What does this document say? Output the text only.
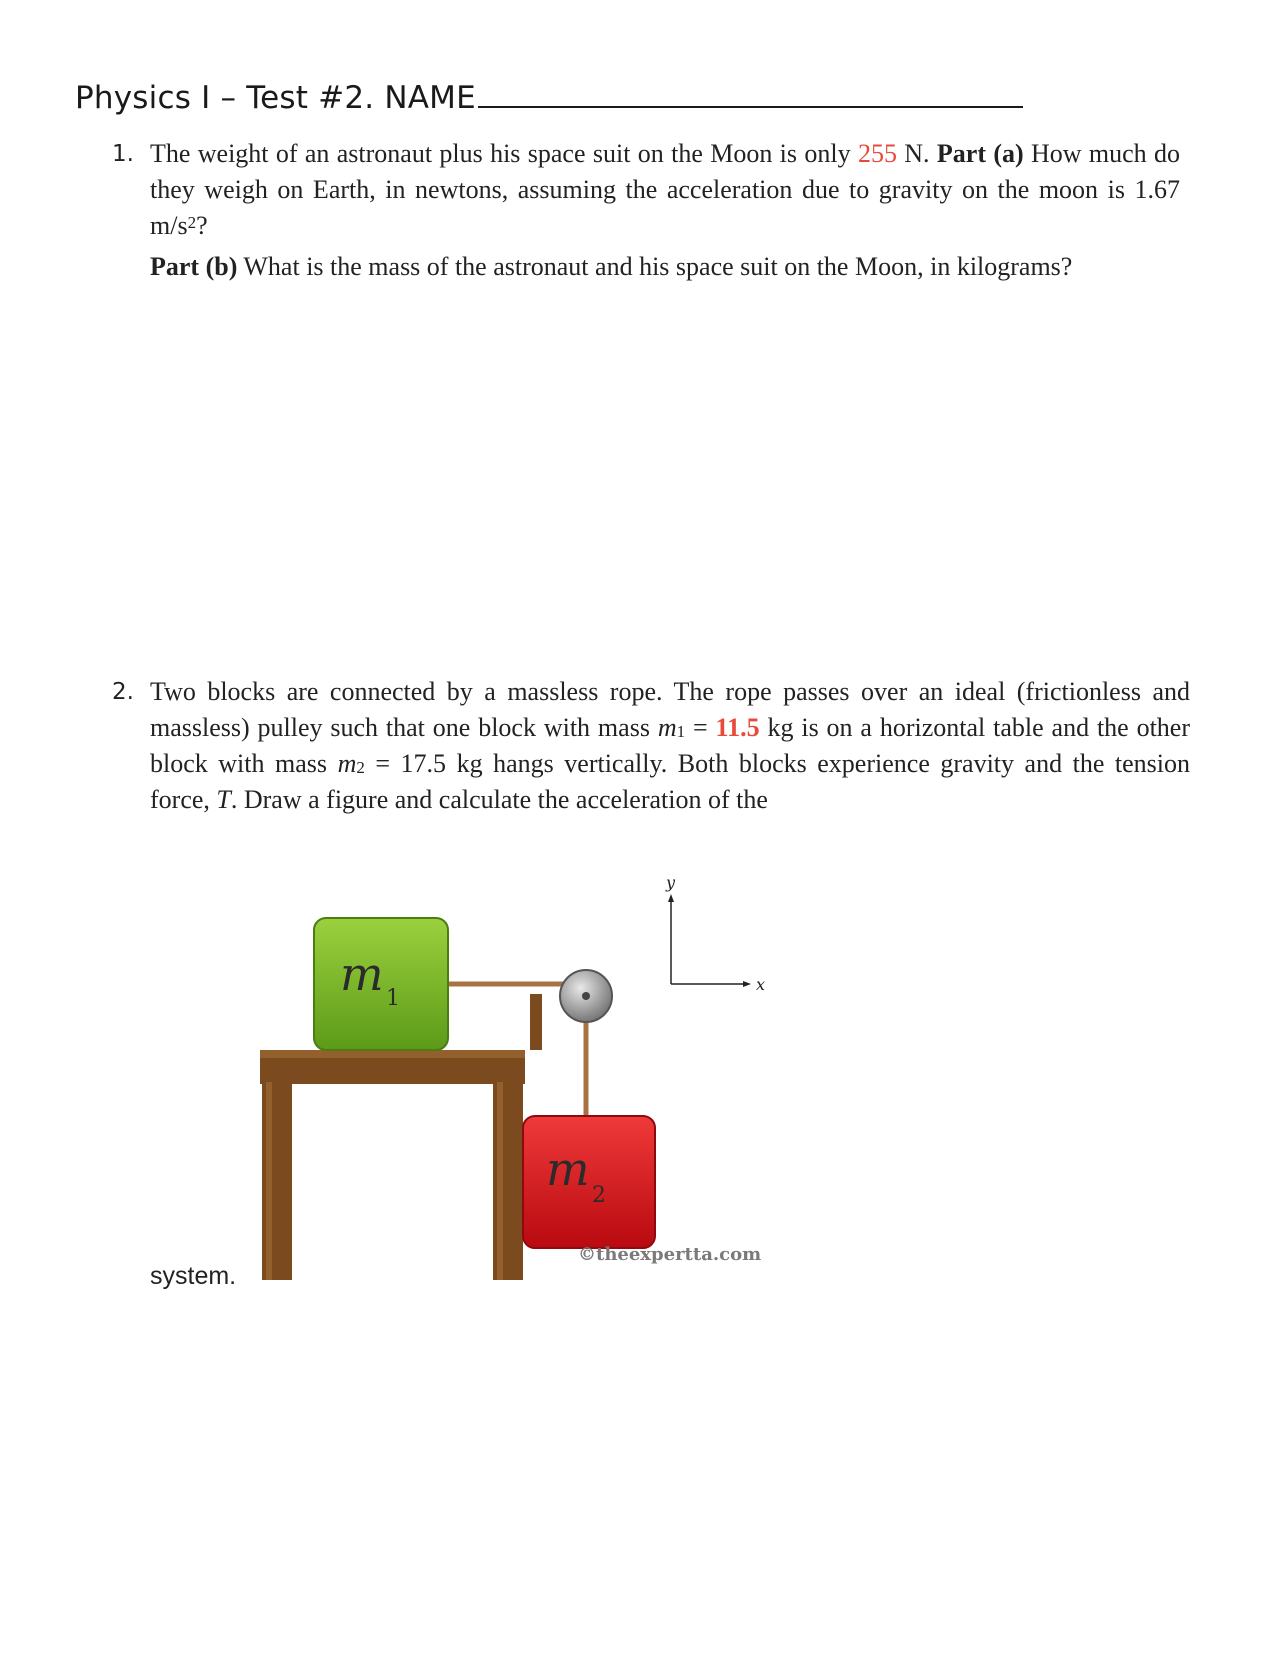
Physics I – Test #2. NAME
1. The weight of an astronaut plus his space suit on the Moon is only 255 N. Part (a) How much do they weigh on Earth, in newtons, assuming the acceleration due to gravity on the moon is 1.67 $m/s^2$?
Part (b) What is the mass of the astronaut and his space suit on the Moon, in kilograms?
2. Two blocks are connected by a massless rope. The rope passes over an ideal (frictionless and massless) pulley such that one block with mass m1 = 11.5 kg is on a horizontal table and the other block with mass m2 = 17.5 kg hangs vertically. Both blocks experience gravity and the tension force, T. Draw a figure and calculate the acceleration of the
m 1
m 2
y
x
©theexpertta.com
system.
